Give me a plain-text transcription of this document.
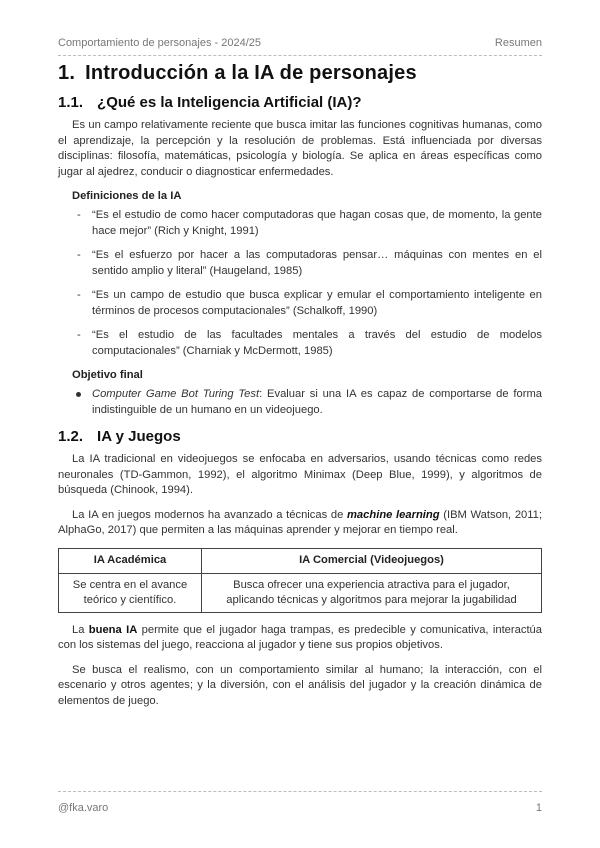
Comportamiento de personajes - 2024/25	Resumen
1. Introducción a la IA de personajes
1.1. ¿Qué es la Inteligencia Artificial (IA)?

Es un campo relativamente reciente que busca imitar las funciones cognitivas humanas, como el aprendizaje, la percepción y la resolución de problemas. Está influenciada por diversas disciplinas: filosofía, matemáticas, psicología y biología. Se aplica en áreas específicas como jugar al ajedrez, conducir o diagnosticar enfermedades.

Definiciones de la IA
- “Es el estudio de como hacer computadoras que hagan cosas que, de momento, la gente hace mejor” (Rich y Knight, 1991)
- “Es el esfuerzo por hacer a las computadoras pensar… máquinas con mentes en el sentido amplio y literal” (Haugeland, 1985)
- “Es un campo de estudio que busca explicar y emular el comportamiento inteligente en términos de procesos computacionales” (Schalkoff, 1990)
- “Es el estudio de las facultades mentales a través del estudio de modelos computacionales” (Charniak y McDermott, 1985)
Objetivo final
Computer Game Bot Turing Test: Evaluar si una IA es capaz de comportarse de forma indistinguible de un humano en un videojuego.
1.2. IA y Juegos

La IA tradicional en videojuegos se enfocaba en adversarios, usando técnicas como redes neuronales (TD-Gammon, 1992), el algoritmo Minimax (Deep Blue, 1999), y algoritmos de búsqueda (Chinook, 1994).

La IA en juegos modernos ha avanzado a técnicas de machine learning (IBM Watson, 2011; AlphaGo, 2017) que permiten a las máquinas aprender y mejorar en tiempo real.

IA Académica	IA Comercial (Videojuegos)
Se centra en el avance teórico y científico.	Busca ofrecer una experiencia atractiva para el jugador, aplicando técnicas y algoritmos para mejorar la jugabilidad

La buena IA permite que el jugador haga trampas, es predecible y comunicativa, interactúa con los sistemas del juego, reacciona al jugador y tiene sus propios objetivos.

Se busca el realismo, con un comportamiento similar al humano; la interacción, con el escenario y otros agentes; y la diversión, con el análisis del jugador y la creación dinámica de elementos de juego.

@fka.varo	1
